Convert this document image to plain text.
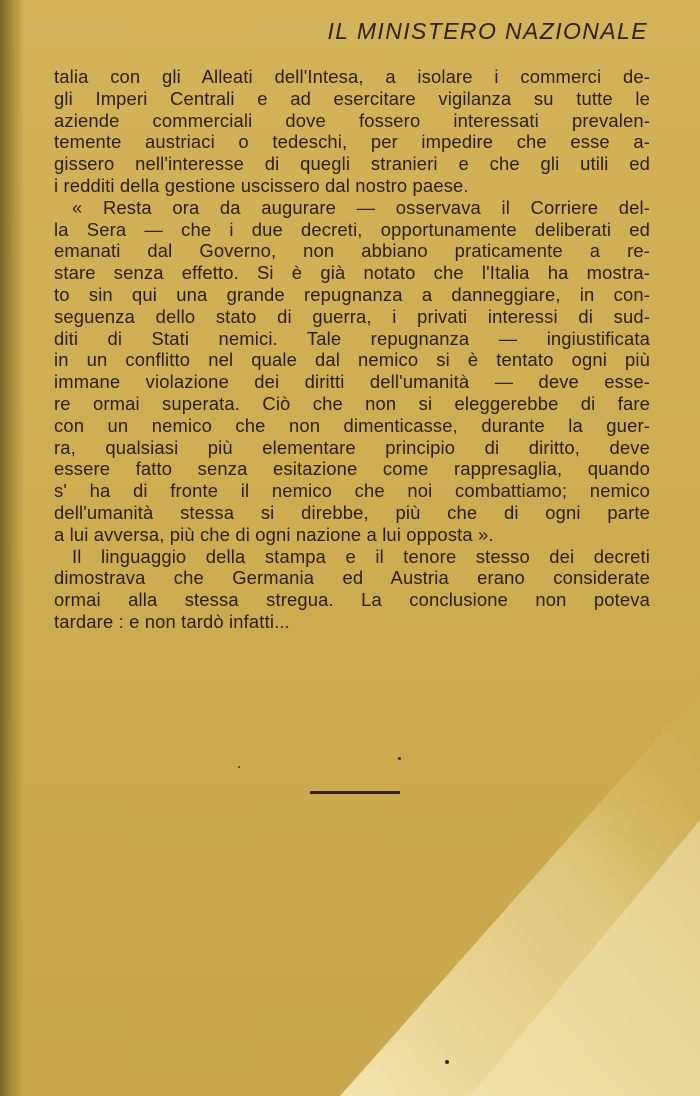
IL MINISTERO NAZIONALE

talia con gli Alleati dell'Intesa, a isolare i commerci de-
gli Imperi Centrali e ad esercitare vigilanza su tutte le
aziende commerciali dove fossero interessati prevalen-
temente austriaci o tedeschi, per impedire che esse a-
gissero nell'interesse di quegli stranieri e che gli utili ed
i redditi della gestione uscissero dal nostro paese.

« Resta ora da augurare — osservava il Corriere del-
la Sera — che i due decreti, opportunamente deliberati ed
emanati dal Governo, non abbiano praticamente a re-
stare senza effetto. Si è già notato che l'Italia ha mostra-
to sin qui una grande repugnanza a danneggiare, in con-
seguenza dello stato di guerra, i privati interessi di sud-
diti di Stati nemici. Tale repugnanza — ingiustificata
in un conflitto nel quale dal nemico si è tentato ogni più
immane violazione dei diritti dell'umanità — deve esse-
re ormai superata. Ciò che non si eleggerebbe di fare
con un nemico che non dimenticasse, durante la guer-
ra, qualsiasi più elementare principio di diritto, deve
essere fatto senza esitazione come rappresaglia, quando
s' ha di fronte il nemico che noi combattiamo; nemico
dell'umanità stessa si direbbe, più che di ogni parte
a lui avversa, più che di ogni nazione a lui opposta ».

Il linguaggio della stampa e il tenore stesso dei decreti
dimostrava che Germania ed Austria erano considerate
ormai alla stessa stregua. La conclusione non poteva
tardare : e non tardò infatti...
